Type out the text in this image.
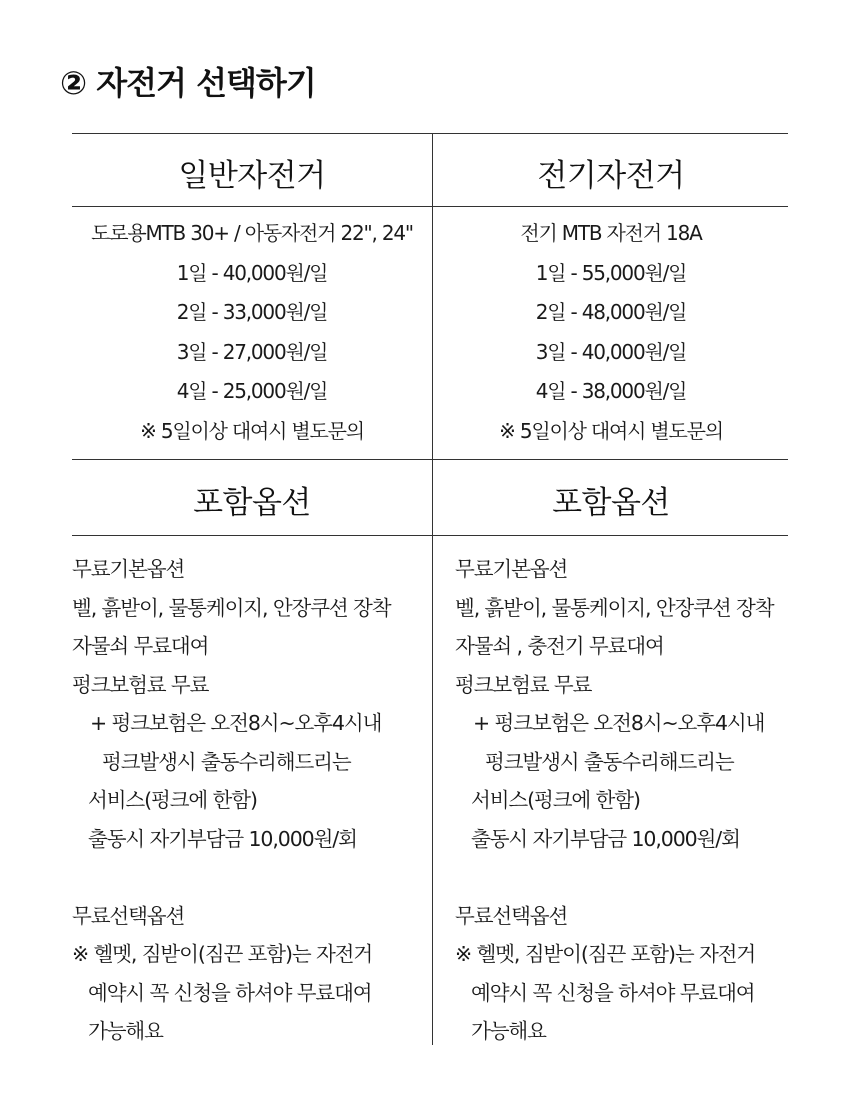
② 자전거 선택하기
일반자전거
도로용MTB 30+ / 아동자전거 22", 24"
1일 - 40,000원/일
2일 - 33,000원/일
3일 - 27,000원/일
4일 - 25,000원/일
※ 5일이상 대여시 별도문의
포함옵션
무료기본옵션
벨, 흙받이, 물통케이지, 안장쿠션 장착
자물쇠 무료대여
펑크보험료 무료
+ 펑크보험은 오전8시~오후4시내
펑크발생시 출동수리해드리는
서비스(펑크에 한함)
출동시 자기부담금 10,000원/회
무료선택옵션
※ 헬멧, 짐받이(짐끈 포함)는 자전거
예약시 꼭 신청을 하셔야 무료대여
가능해요
전기자전거
전기 MTB 자전거 18A
1일 - 55,000원/일
2일 - 48,000원/일
3일 - 40,000원/일
4일 - 38,000원/일
※ 5일이상 대여시 별도문의
포함옵션
무료기본옵션
벨, 흙받이, 물통케이지, 안장쿠션 장착
자물쇠 , 충전기 무료대여
펑크보험료 무료
+ 펑크보험은 오전8시~오후4시내
펑크발생시 출동수리해드리는
서비스(펑크에 한함)
출동시 자기부담금 10,000원/회
무료선택옵션
※ 헬멧, 짐받이(짐끈 포함)는 자전거
예약시 꼭 신청을 하셔야 무료대여
가능해요
